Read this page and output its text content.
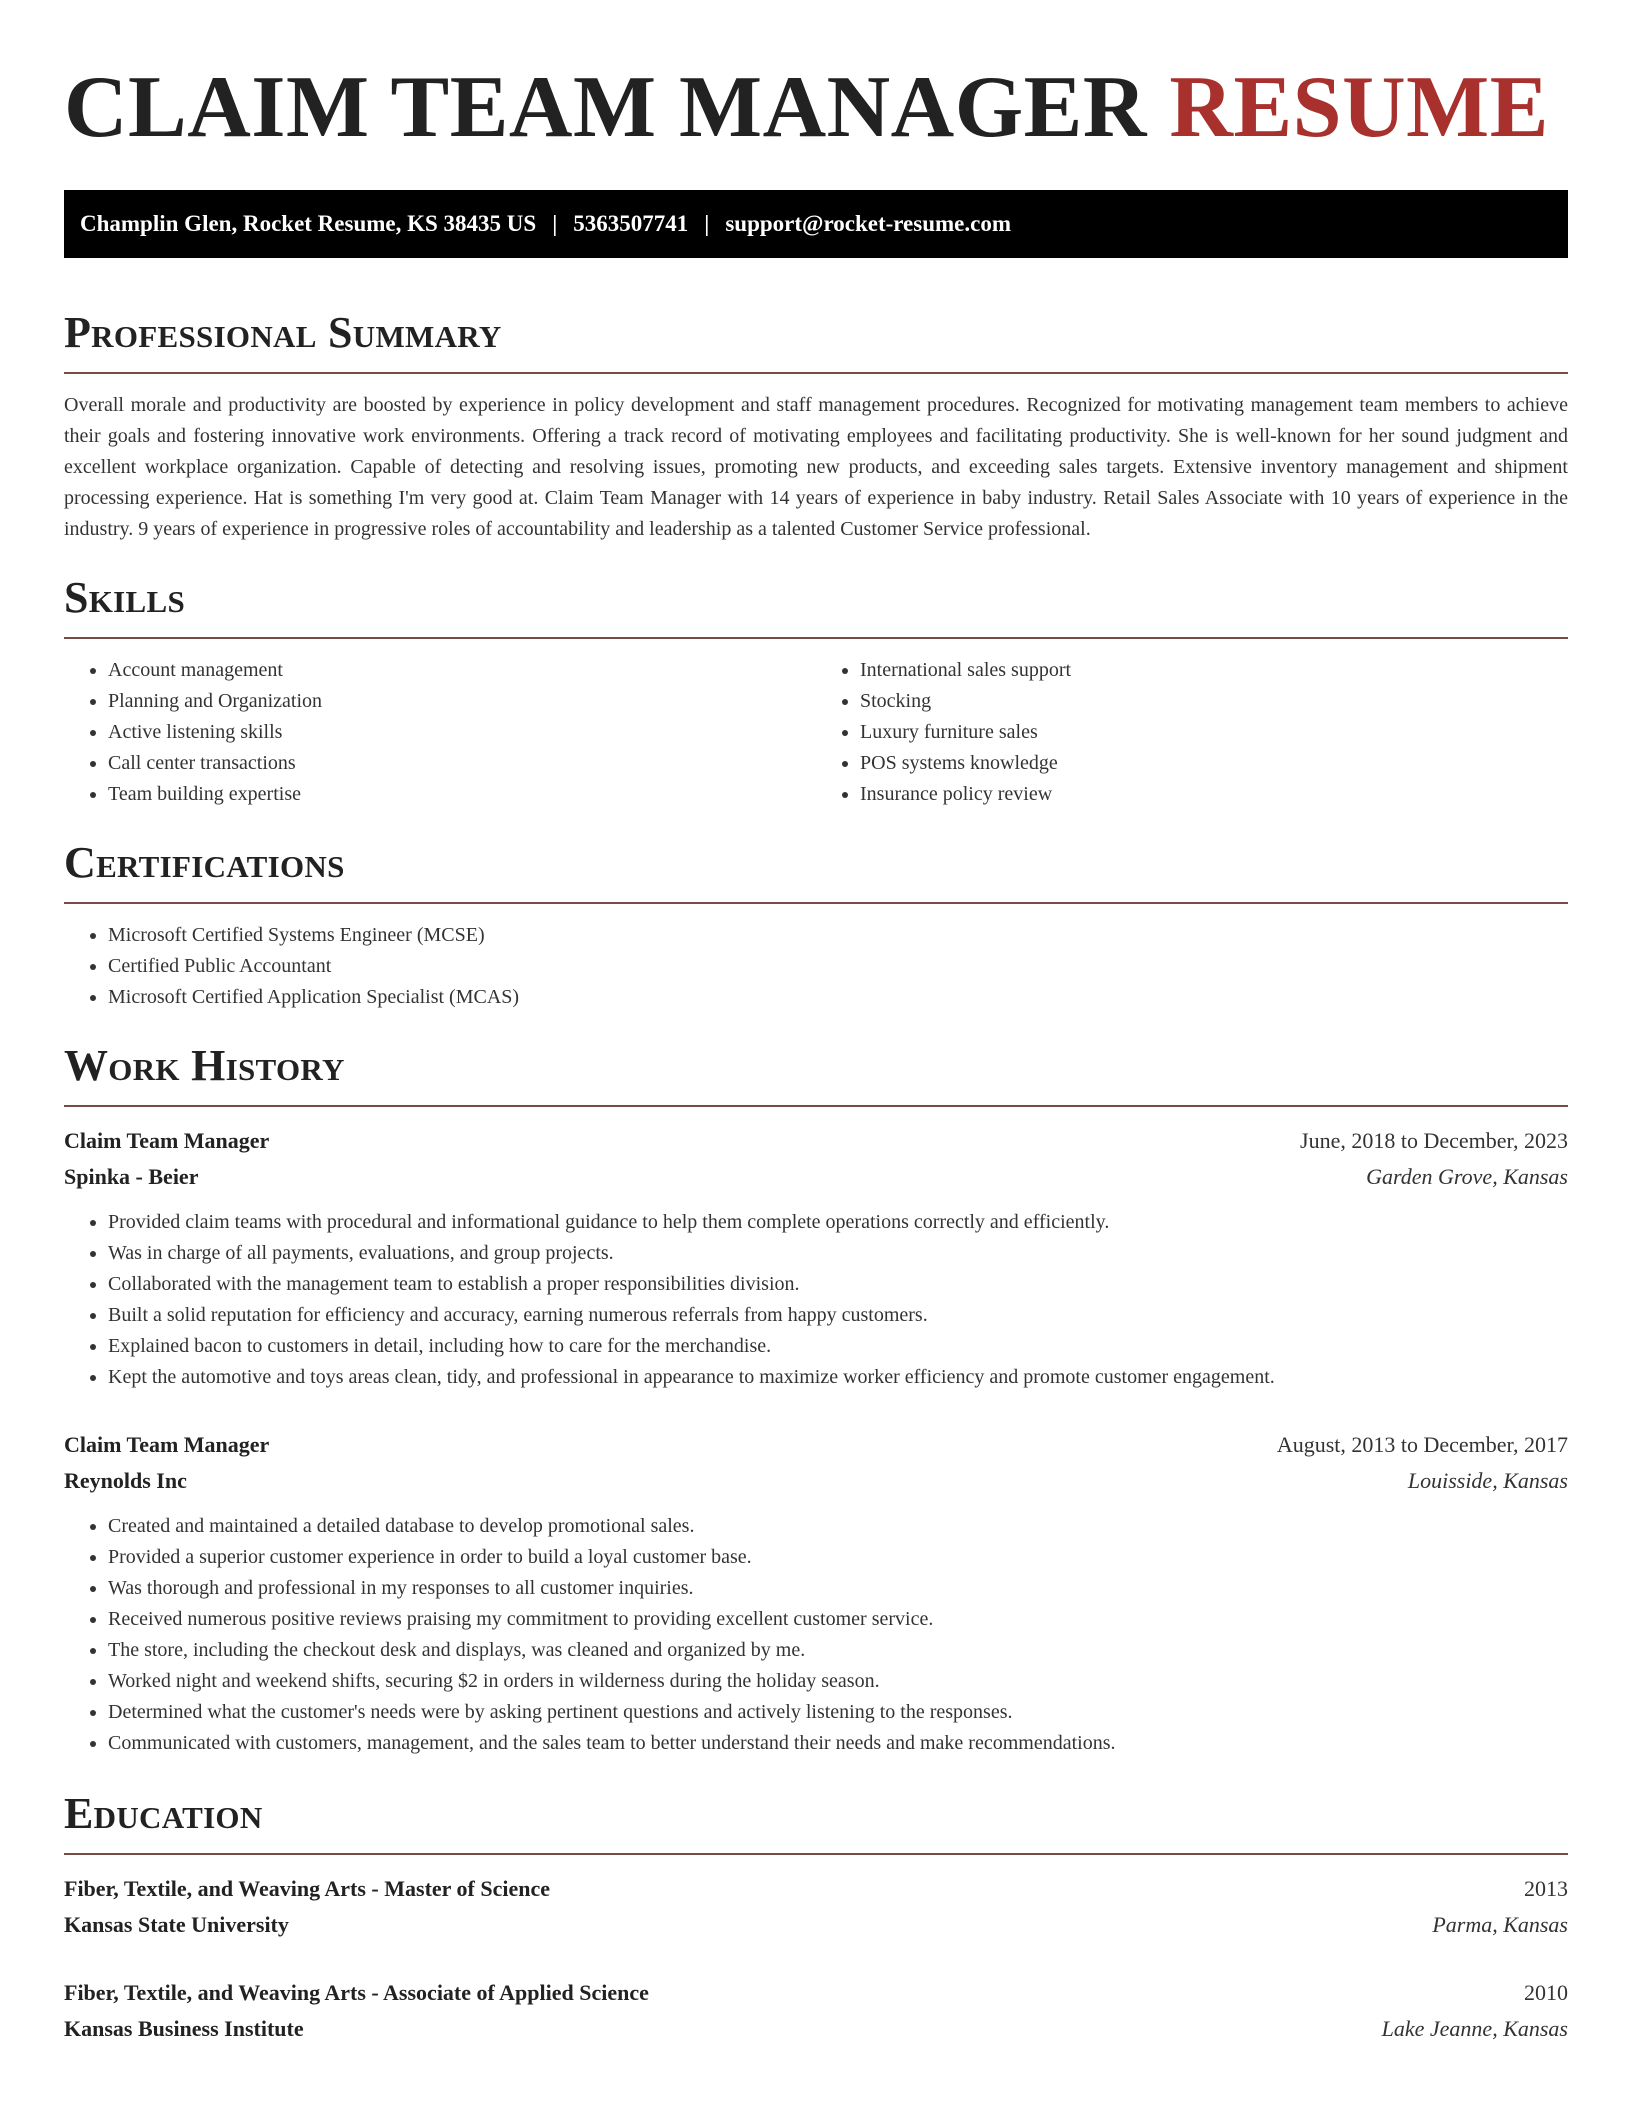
CLAIM TEAM MANAGER RESUME
Champlin Glen, Rocket Resume, KS 38435 US | 5363507741 | support@rocket-resume.com
Professional Summary

Overall morale and productivity are boosted by experience in policy development and staff management procedures. Recognized for motivating management team members to achieve their goals and fostering innovative work environments. Offering a track record of motivating employees and facilitating productivity. She is well-known for her sound judgment and excellent workplace organization. Capable of detecting and resolving issues, promoting new products, and exceeding sales targets. Extensive inventory management and shipment processing experience. Hat is something I'm very good at. Claim Team Manager with 14 years of experience in baby industry. Retail Sales Associate with 10 years of experience in the industry. 9 years of experience in progressive roles of accountability and leadership as a talented Customer Service professional.

Skills
• Account management
• Planning and Organization
• Active listening skills
• Call center transactions
• Team building expertise
• International sales support
• Stocking
• Luxury furniture sales
• POS systems knowledge
• Insurance policy review
Certifications
• Microsoft Certified Systems Engineer (MCSE)
• Certified Public Accountant
• Microsoft Certified Application Specialist (MCAS)
Work History
Claim Team Manager	June, 2018 to December, 2023
Spinka - Beier	Garden Grove, Kansas
• Provided claim teams with procedural and informational guidance to help them complete operations correctly and efficiently.
• Was in charge of all payments, evaluations, and group projects.
• Collaborated with the management team to establish a proper responsibilities division.
• Built a solid reputation for efficiency and accuracy, earning numerous referrals from happy customers.
• Explained bacon to customers in detail, including how to care for the merchandise.
• Kept the automotive and toys areas clean, tidy, and professional in appearance to maximize worker efficiency and promote customer engagement.
Claim Team Manager	August, 2013 to December, 2017
Reynolds Inc	Louisside, Kansas
• Created and maintained a detailed database to develop promotional sales.
• Provided a superior customer experience in order to build a loyal customer base.
• Was thorough and professional in my responses to all customer inquiries.
• Received numerous positive reviews praising my commitment to providing excellent customer service.
• The store, including the checkout desk and displays, was cleaned and organized by me.
• Worked night and weekend shifts, securing $2 in orders in wilderness during the holiday season.
• Determined what the customer's needs were by asking pertinent questions and actively listening to the responses.
• Communicated with customers, management, and the sales team to better understand their needs and make recommendations.
Education
Fiber, Textile, and Weaving Arts - Master of Science	2013
Kansas State University	Parma, Kansas
Fiber, Textile, and Weaving Arts - Associate of Applied Science	2010
Kansas Business Institute	Lake Jeanne, Kansas
